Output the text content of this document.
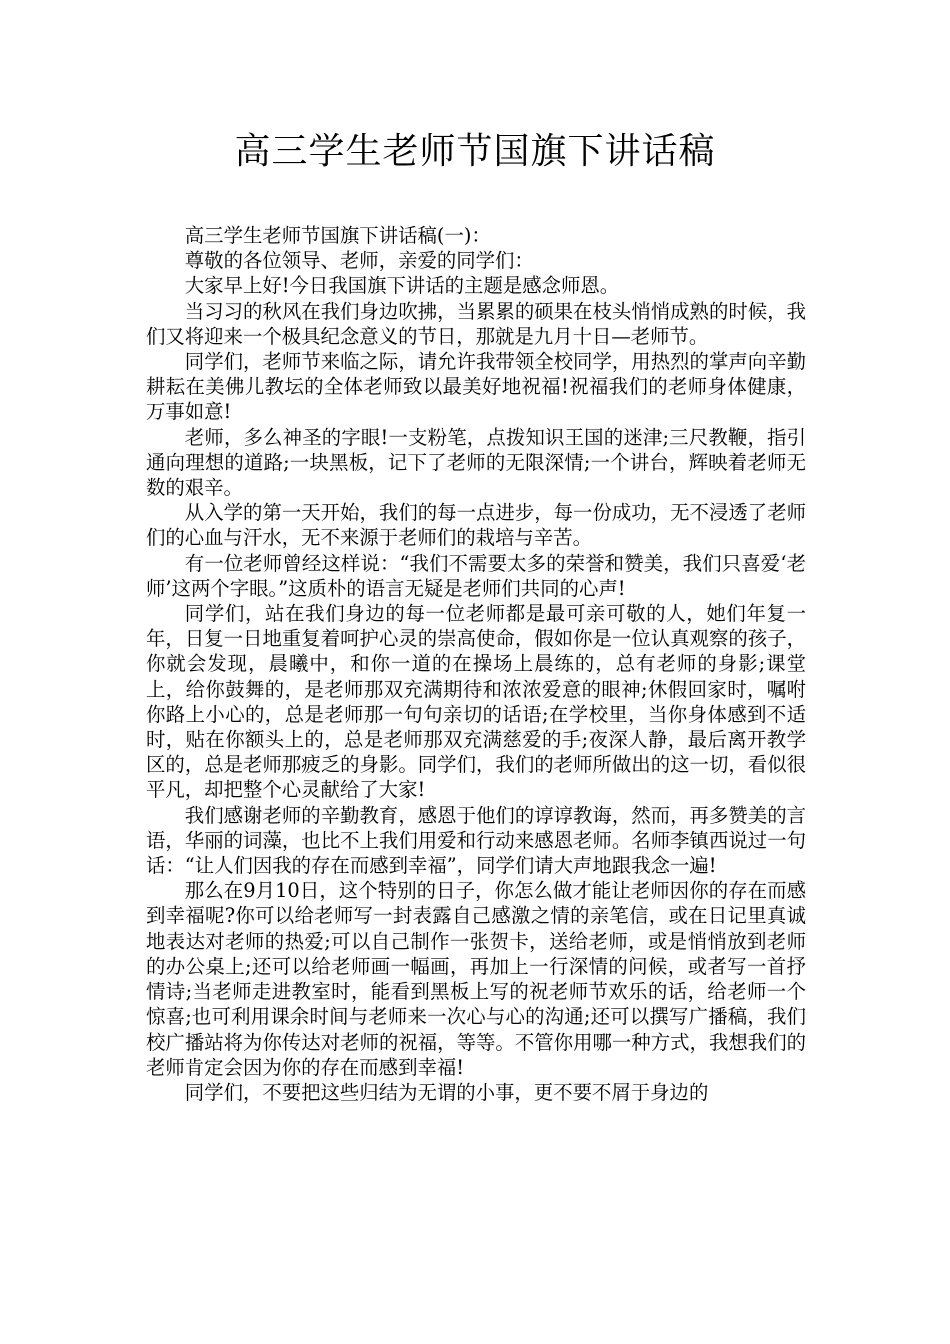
高三学生老师节国旗下讲话稿

高三学生老师节国旗下讲话稿(一)：

尊敬的各位领导、老师，亲爱的同学们：

大家早上好!今日我国旗下讲话的主题是感念师恩。

当习习的秋风在我们身边吹拂，当累累的硕果在枝头悄悄成熟的时候，我们又将迎来一个极具纪念意义的节日，那就是九月十日—老师节。

同学们，老师节来临之际，请允许我带领全校同学，用热烈的掌声向辛勤耕耘在美佛儿教坛的全体老师致以最美好地祝福!祝福我们的老师身体健康，万事如意!

老师，多么神圣的字眼!一支粉笔，点拨知识王国的迷津;三尺教鞭，指引通向理想的道路;一块黑板，记下了老师的无限深情;一个讲台，辉映着老师无数的艰辛。

从入学的第一天开始，我们的每一点进步，每一份成功，无不浸透了老师们的心血与汗水，无不来源于老师们的栽培与辛苦。

有一位老师曾经这样说：“我们不需要太多的荣誉和赞美，我们只喜爱‘老师’这两个字眼。”这质朴的语言无疑是老师们共同的心声!

同学们，站在我们身边的每一位老师都是最可亲可敬的人，她们年复一年，日复一日地重复着呵护心灵的崇高使命，假如你是一位认真观察的孩子，你就会发现，晨曦中，和你一道的在操场上晨练的，总有老师的身影;课堂上，给你鼓舞的，是老师那双充满期待和浓浓爱意的眼神;休假回家时，嘱咐你路上小心的，总是老师那一句句亲切的话语;在学校里，当你身体感到不适时，贴在你额头上的，总是老师那双充满慈爱的手;夜深人静，最后离开教学区的，总是老师那疲乏的身影。同学们，我们的老师所做出的这一切，看似很平凡，却把整个心灵献给了大家!

我们感谢老师的辛勤教育，感恩于他们的谆谆教诲，然而，再多赞美的言语，华丽的词藻，也比不上我们用爱和行动来感恩老师。名师李镇西说过一句话：“让人们因我的存在而感到幸福”，同学们请大声地跟我念一遍!

那么在9月10日，这个特别的日子，你怎么做才能让老师因你的存在而感到幸福呢?你可以给老师写一封表露自己感激之情的亲笔信，或在日记里真诚地表达对老师的热爱;可以自己制作一张贺卡，送给老师，或是悄悄放到老师的办公桌上;还可以给老师画一幅画，再加上一行深情的问候，或者写一首抒情诗;当老师走进教室时，能看到黑板上写的祝老师节欢乐的话，给老师一个惊喜;也可利用课余时间与老师来一次心与心的沟通;还可以撰写广播稿，我们校广播站将为你传达对老师的祝福，等等。不管你用哪一种方式，我想我们的老师肯定会因为你的存在而感到幸福!

同学们，不要把这些归结为无谓的小事，更不要不屑于身边的
